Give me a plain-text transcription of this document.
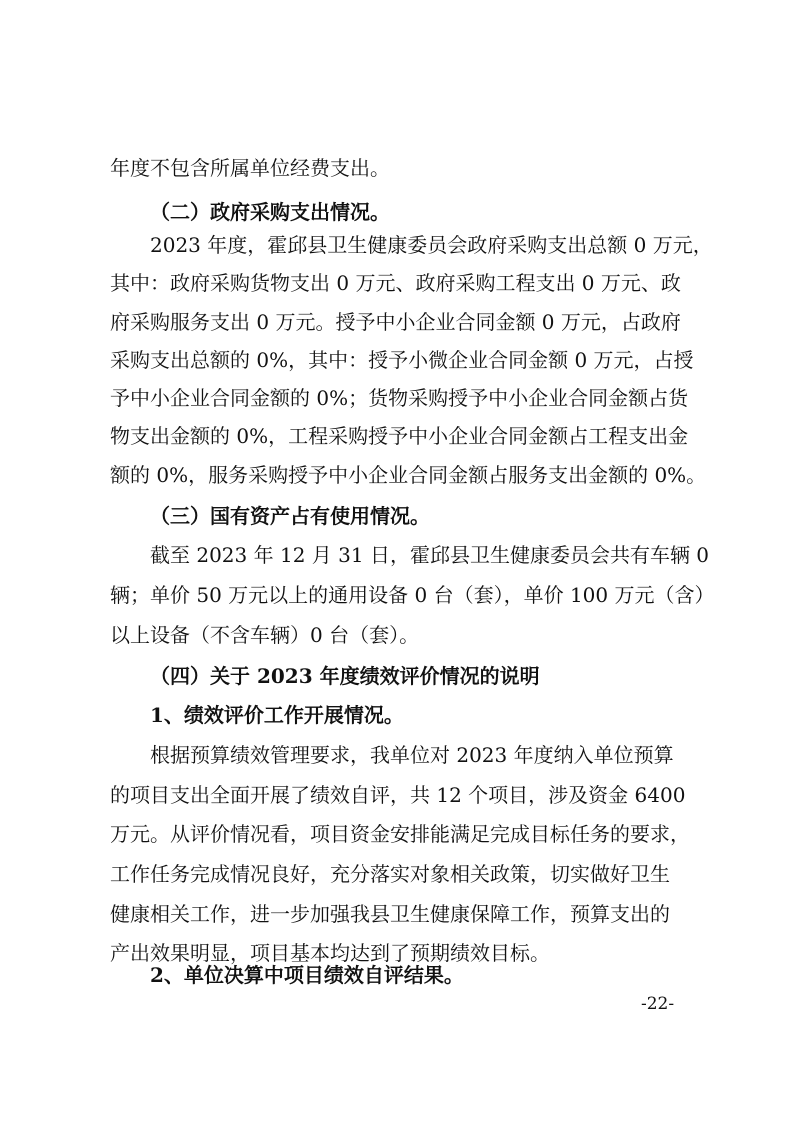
年度不包含所属单位经费支出。
（二）政府采购支出情况。
2023 年度，霍邱县卫生健康委员会政府采购支出总额 0 万元，
其中：政府采购货物支出 0 万元、政府采购工程支出 0 万元、政
府采购服务支出 0 万元。授予中小企业合同金额 0 万元，占政府
采购支出总额的 0%，其中：授予小微企业合同金额 0 万元，占授
予中小企业合同金额的 0%；货物采购授予中小企业合同金额占货
物支出金额的 0%，工程采购授予中小企业合同金额占工程支出金
额的 0%，服务采购授予中小企业合同金额占服务支出金额的 0%。
（三）国有资产占有使用情况。
截至 2023 年 12 月 31 日，霍邱县卫生健康委员会共有车辆 0
辆；单价 50 万元以上的通用设备 0 台（套），单价 100 万元（含）
以上设备（不含车辆）0 台（套）。
（四）关于 2023 年度绩效评价情况的说明
1、绩效评价工作开展情况。
根据预算绩效管理要求，我单位对 2023 年度纳入单位预算
的项目支出全面开展了绩效自评，共 12 个项目，涉及资金 6400
万元。从评价情况看，项目资金安排能满足完成目标任务的要求，
工作任务完成情况良好，充分落实对象相关政策，切实做好卫生
健康相关工作，进一步加强我县卫生健康保障工作，预算支出的
产出效果明显，项目基本均达到了预期绩效目标。
2、单位决算中项目绩效自评结果。
-22-
